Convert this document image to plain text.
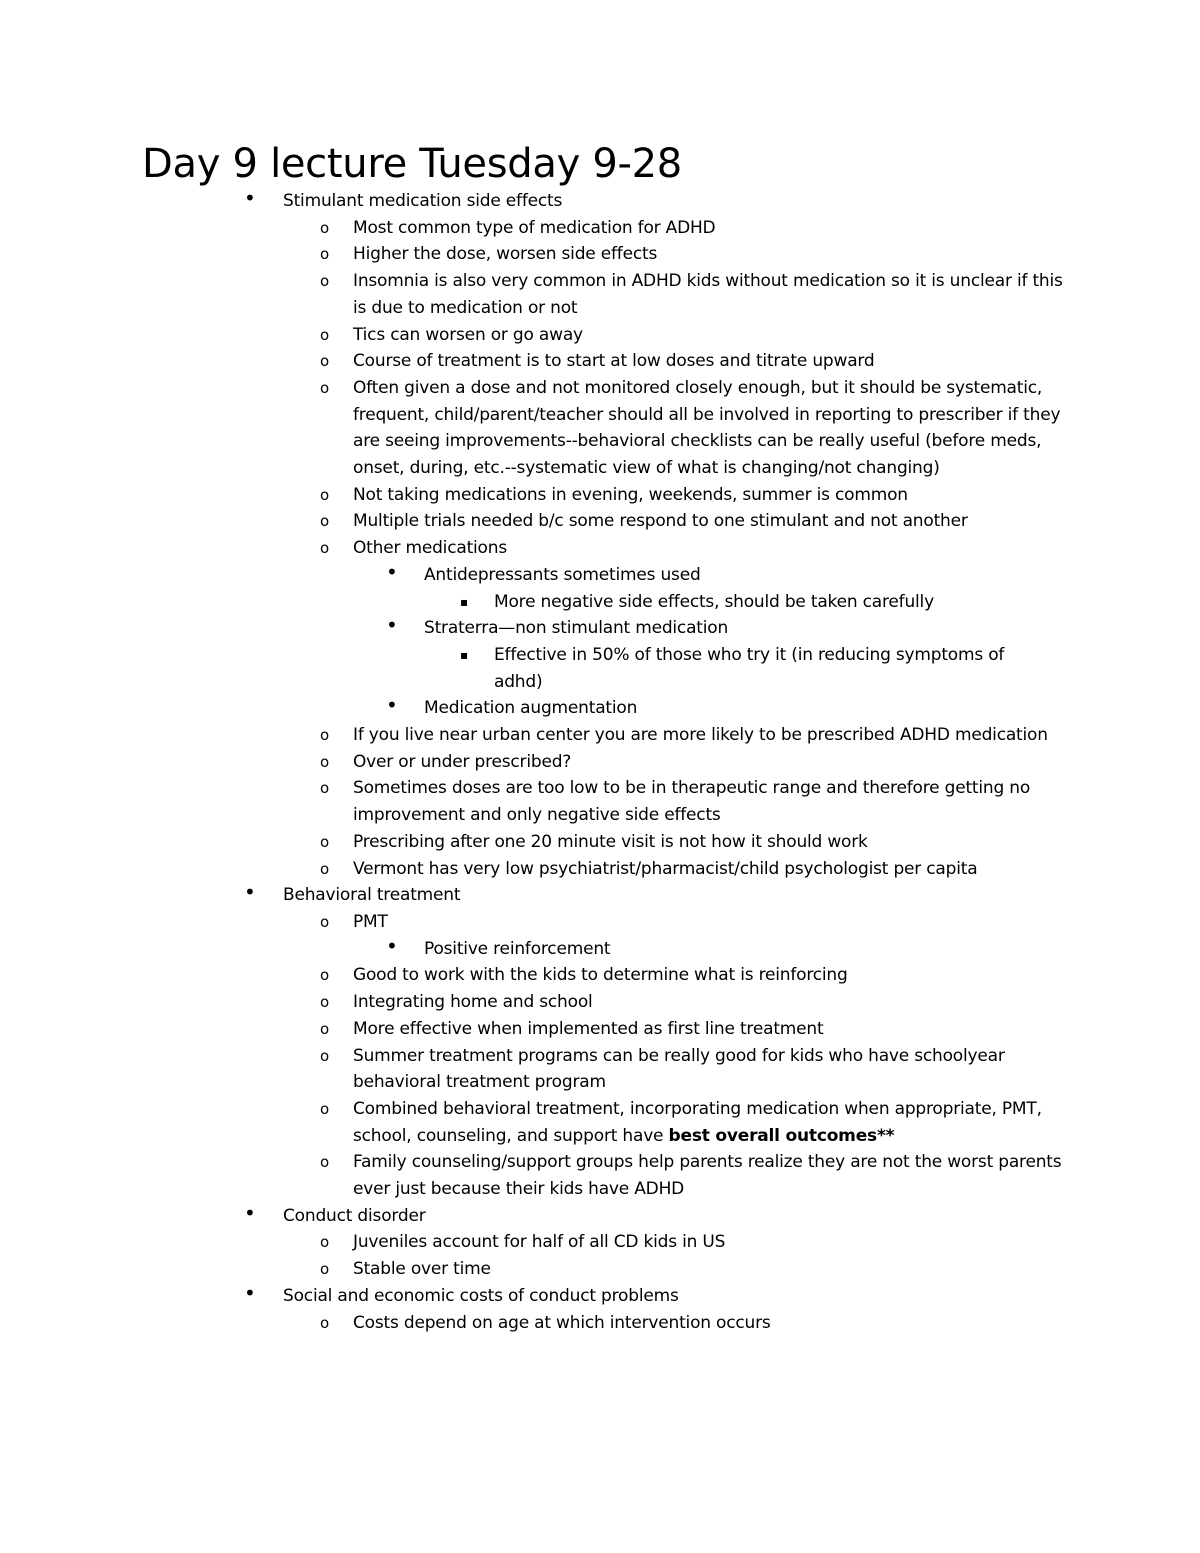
Day 9 lecture Tuesday 9-28
• Stimulant medication side effects
o Most common type of medication for ADHD
o Higher the dose, worsen side effects
o Insomnia is also very common in ADHD kids without medication so it is unclear if this is due to medication or not
o Tics can worsen or go away
o Course of treatment is to start at low doses and titrate upward
o Often given a dose and not monitored closely enough, but it should be systematic, frequent, child/parent/teacher should all be involved in reporting to prescriber if they are seeing improvements--behavioral checklists can be really useful (before meds, onset, during, etc.--systematic view of what is changing/not changing)
o Not taking medications in evening, weekends, summer is common
o Multiple trials needed b/c some respond to one stimulant and not another
o Other medications
• Antidepressants sometimes used
▪ More negative side effects, should be taken carefully
• Straterra—non stimulant medication
▪ Effective in 50% of those who try it (in reducing symptoms of adhd)
• Medication augmentation
o If you live near urban center you are more likely to be prescribed ADHD medication
o Over or under prescribed?
o Sometimes doses are too low to be in therapeutic range and therefore getting no improvement and only negative side effects
o Prescribing after one 20 minute visit is not how it should work
o Vermont has very low psychiatrist/pharmacist/child psychologist per capita
• Behavioral treatment
o PMT
• Positive reinforcement
o Good to work with the kids to determine what is reinforcing
o Integrating home and school
o More effective when implemented as first line treatment
o Summer treatment programs can be really good for kids who have schoolyear behavioral treatment program
o Combined behavioral treatment, incorporating medication when appropriate, PMT, school, counseling, and support have best overall outcomes**
o Family counseling/support groups help parents realize they are not the worst parents ever just because their kids have ADHD
• Conduct disorder
o Juveniles account for half of all CD kids in US
o Stable over time
• Social and economic costs of conduct problems
o Costs depend on age at which intervention occurs
